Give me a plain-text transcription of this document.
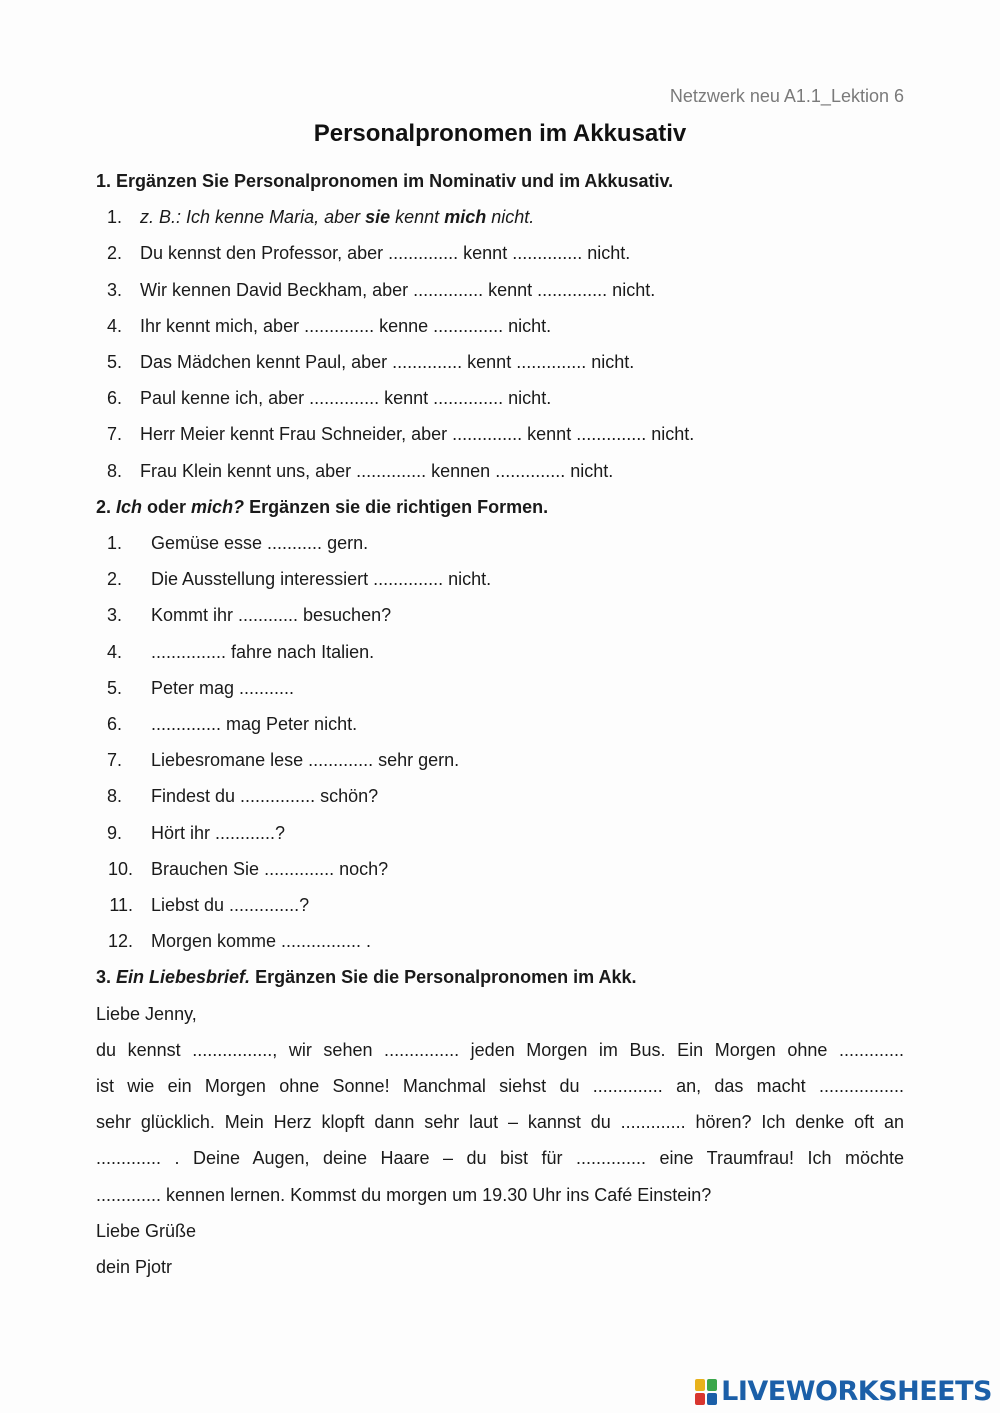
Netzwerk neu A1.1_Lektion 6
Personalpronomen im Akkusativ
1. Ergänzen Sie Personalpronomen im Nominativ und im Akkusativ.
1. z. B.: Ich kenne Maria, aber sie kennt mich nicht.
2. Du kennst den Professor, aber .............. kennt .............. nicht.
3. Wir kennen David Beckham, aber .............. kennt .............. nicht.
4. Ihr kennt mich, aber .............. kenne .............. nicht.
5. Das Mädchen kennt Paul, aber .............. kennt .............. nicht.
6. Paul kenne ich, aber .............. kennt .............. nicht.
7. Herr Meier kennt Frau Schneider, aber .............. kennt .............. nicht.
8. Frau Klein kennt uns, aber .............. kennen .............. nicht.
2. Ich oder mich? Ergänzen sie die richtigen Formen.
1. Gemüse esse ........... gern.
2. Die Ausstellung interessiert .............. nicht.
3. Kommt ihr ............ besuchen?
4. ............... fahre nach Italien.
5. Peter mag ...........
6. .............. mag Peter nicht.
7. Liebesromane lese ............. sehr gern.
8. Findest du ............... schön?
9. Hört ihr ............?
10. Brauchen Sie .............. noch?
11. Liebst du ..............?
12. Morgen komme ................ .
3. Ein Liebesbrief. Ergänzen Sie die Personalpronomen im Akk.

Liebe Jenny,

du kennst ................, wir sehen ............... jeden Morgen im Bus. Ein Morgen ohne .............

ist wie ein Morgen ohne Sonne! Manchmal siehst du .............. an, das macht .................

sehr glücklich. Mein Herz klopft dann sehr laut – kannst du ............. hören? Ich denke oft an

............. . Deine Augen, deine Haare – du bist für .............. eine Traumfrau! Ich möchte

............. kennen lernen. Kommst du morgen um 19.30 Uhr ins Café Einstein?

Liebe Grüße

dein Pjotr

LIVEWORKSHEETS
